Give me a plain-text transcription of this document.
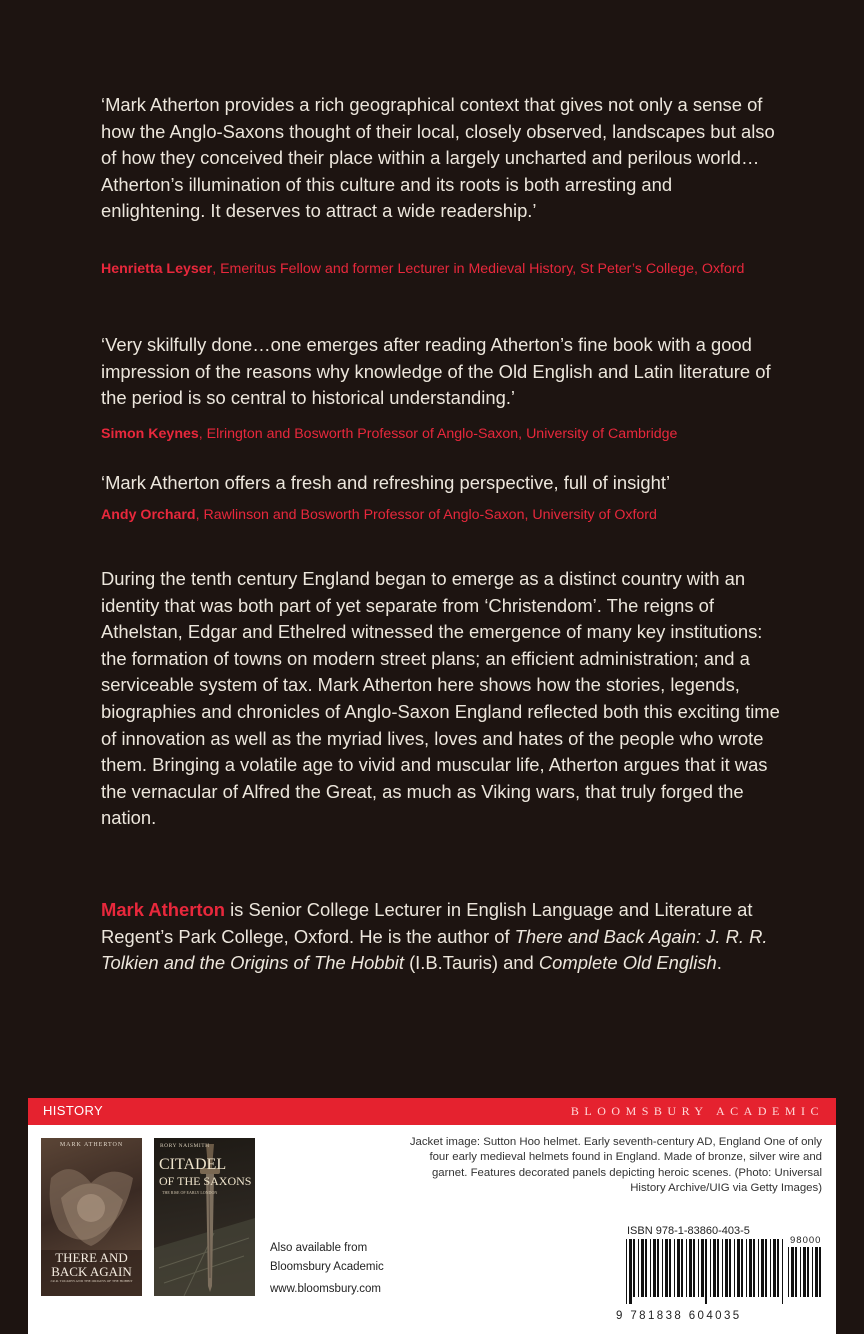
‘Mark Atherton provides a rich geographical context that gives not only a sense of how the Anglo-Saxons thought of their local, closely observed, landscapes but also of how they conceived their place within a largely uncharted and perilous world…Atherton’s illumination of this culture and its roots is both arresting and enlightening. It deserves to attract a wide readership.’
Henrietta Leyser, Emeritus Fellow and former Lecturer in Medieval History, St Peter’s College, Oxford
‘Very skilfully done…one emerges after reading Atherton’s fine book with a good impression of the reasons why knowledge of the Old English and Latin literature of the period is so central to historical understanding.’
Simon Keynes, Elrington and Bosworth Professor of Anglo-Saxon, University of Cambridge
‘Mark Atherton offers a fresh and refreshing perspective, full of insight’
Andy Orchard, Rawlinson and Bosworth Professor of Anglo-Saxon, University of Oxford
During the tenth century England began to emerge as a distinct country with an identity that was both part of yet separate from ‘Christendom’. The reigns of Athelstan, Edgar and Ethelred witnessed the emergence of many key institutions: the formation of towns on modern street plans; an efficient administration; and a serviceable system of tax. Mark Atherton here shows how the stories, legends, biographies and chronicles of Anglo-Saxon England reflected both this exciting time of innovation as well as the myriad lives, loves and hates of the people who wrote them. Bringing a volatile age to vivid and muscular life, Atherton argues that it was the vernacular of Alfred the Great, as much as Viking wars, that truly forged the nation.
Mark Atherton is Senior College Lecturer in English Language and Literature at Regent’s Park College, Oxford. He is the author of There and Back Again: J. R. R. Tolkien and the Origins of The Hobbit (I.B.Tauris) and Complete Old English.
HISTORY	BLOOMSBURY ACADEMIC
MARK ATHERTON
THERE AND
BACK AGAIN
J.R.R. TOLKIEN AND THE ORIGINS OF THE HOBBIT
RORY NAISMITH
CITADEL
OF THE SAXONS
THE RISE OF EARLY LONDON
Also available from
Bloomsbury Academic
www.bloomsbury.com
Jacket image: Sutton Hoo helmet. Early seventh-century AD, England One of only four early medieval helmets found in England. Made of bronze, silver wire and garnet. Features decorated panels depicting heroic scenes. (Photo: Universal History Archive/UIG via Getty Images)
ISBN 978-1-83860-403-5
98000
9 781838 604035
